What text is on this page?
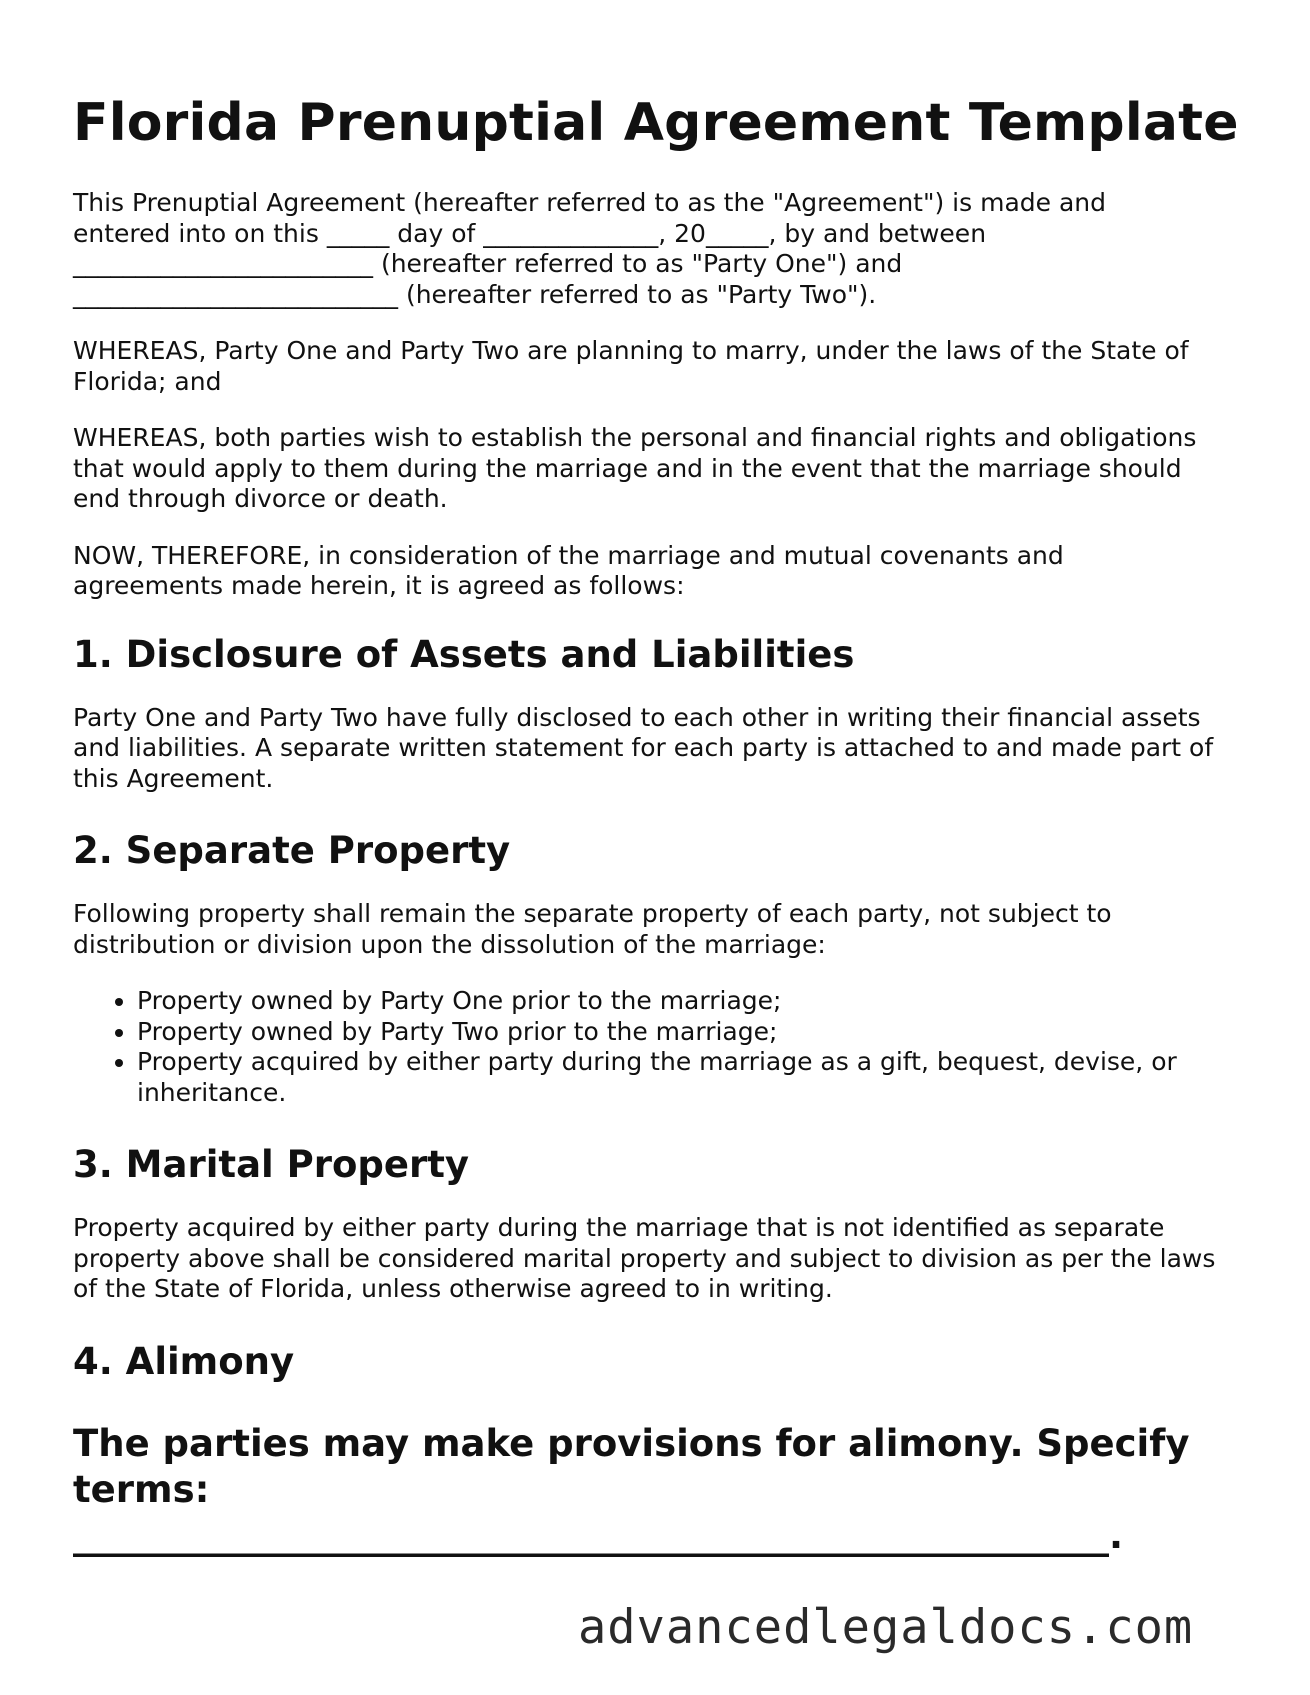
Florida Prenuptial Agreement Template

This Prenuptial Agreement (hereafter referred to as the "Agreement") is made and
entered into on this _____ day of ______________, 20_____, by and between
________________________ (hereafter referred to as "Party One") and
__________________________ (hereafter referred to as "Party Two").

WHEREAS, Party One and Party Two are planning to marry, under the laws of the State of
Florida; and

WHEREAS, both parties wish to establish the personal and financial rights and obligations
that would apply to them during the marriage and in the event that the marriage should
end through divorce or death.

NOW, THEREFORE, in consideration of the marriage and mutual covenants and
agreements made herein, it is agreed as follows:

1. Disclosure of Assets and Liabilities

Party One and Party Two have fully disclosed to each other in writing their financial assets
and liabilities. A separate written statement for each party is attached to and made part of
this Agreement.

2. Separate Property

Following property shall remain the separate property of each party, not subject to
distribution or division upon the dissolution of the marriage:

• Property owned by Party One prior to the marriage;
• Property owned by Party Two prior to the marriage;
• Property acquired by either party during the marriage as a gift, bequest, devise, or inheritance.
3. Marital Property

Property acquired by either party during the marriage that is not identified as separate
property above shall be considered marital property and subject to division as per the laws
of the State of Florida, unless otherwise agreed to in writing.

4. Alimony
The parties may make provisions for alimony. Specify terms:

________________________________________________________.

advancedlegaldocs.com
